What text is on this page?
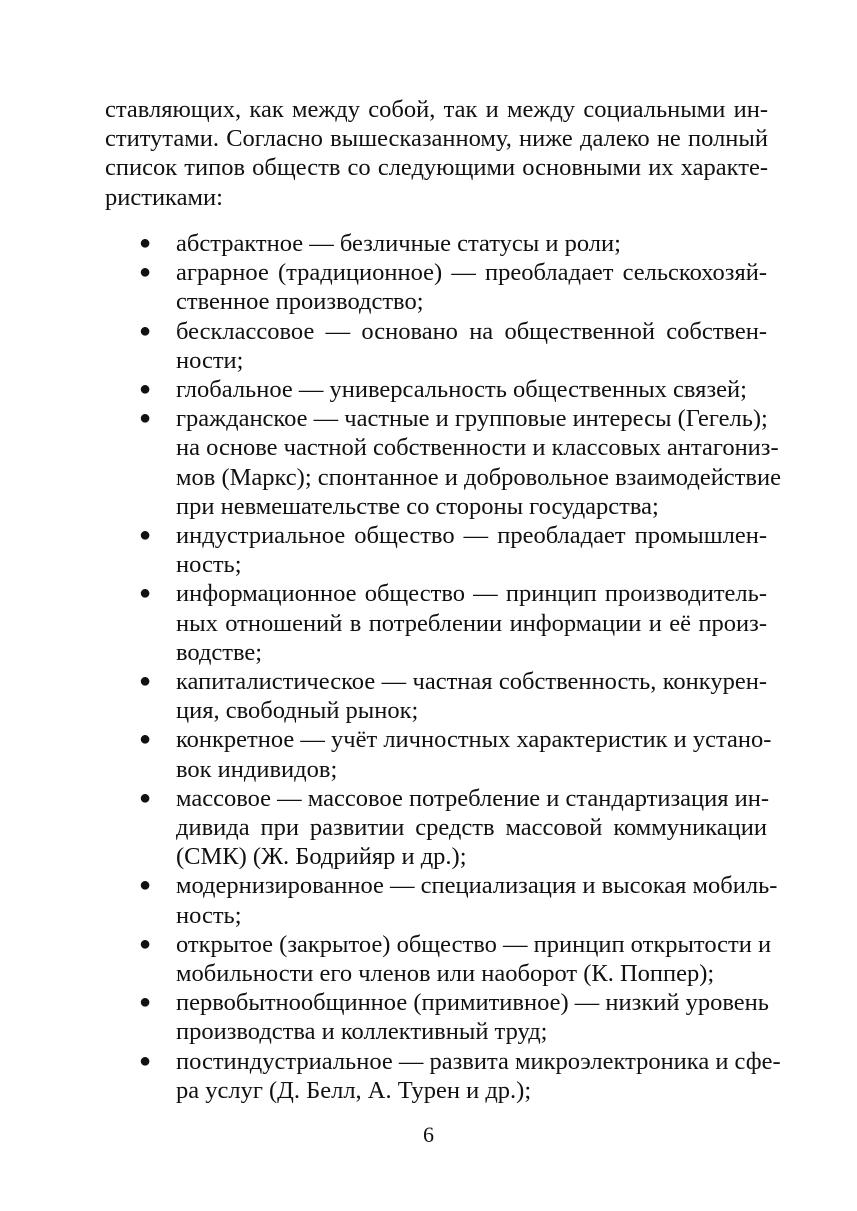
ставляющих, как между собой, так и между социальными ин-
ститутами. Согласно вышесказанному, ниже далеко не полный
список типов обществ со следующими основными их характе-
ристиками:

● абстрактное — безличные статусы и роли;
● аграрное (традиционное) — преобладает сельскохозяй-
ственное производство;
● бесклассовое — основано на общественной собствен-
ности;
● глобальное — универсальность общественных связей;
● гражданское — частные и групповые интересы (Гегель);
на основе частной собственности и классовых антагониз-
мов (Маркс); спонтанное и добровольное взаимодействие
при невмешательстве со стороны государства;
● индустриальное общество — преобладает промышлен-
ность;
● информационное общество — принцип производитель-
ных отношений в потреблении информации и её произ-
водстве;
● капиталистическое — частная собственность, конкурен-
ция, свободный рынок;
● конкретное — учёт личностных характеристик и устано-
вок индивидов;
● массовое — массовое потребление и стандартизация ин-
дивида при развитии средств массовой коммуникации
(СМК) (Ж. Бодрийяр и др.);
● модернизированное — специализация и высокая мобиль-
ность;
● открытое (закрытое) общество — принцип открытости и
мобильности его членов или наоборот (К. Поппер);
● первобытнообщинное (примитивное) — низкий уровень
производства и коллективный труд;
● постиндустриальное — развита микроэлектроника и сфе-
ра услуг (Д. Белл, А. Турен и др.);
6
